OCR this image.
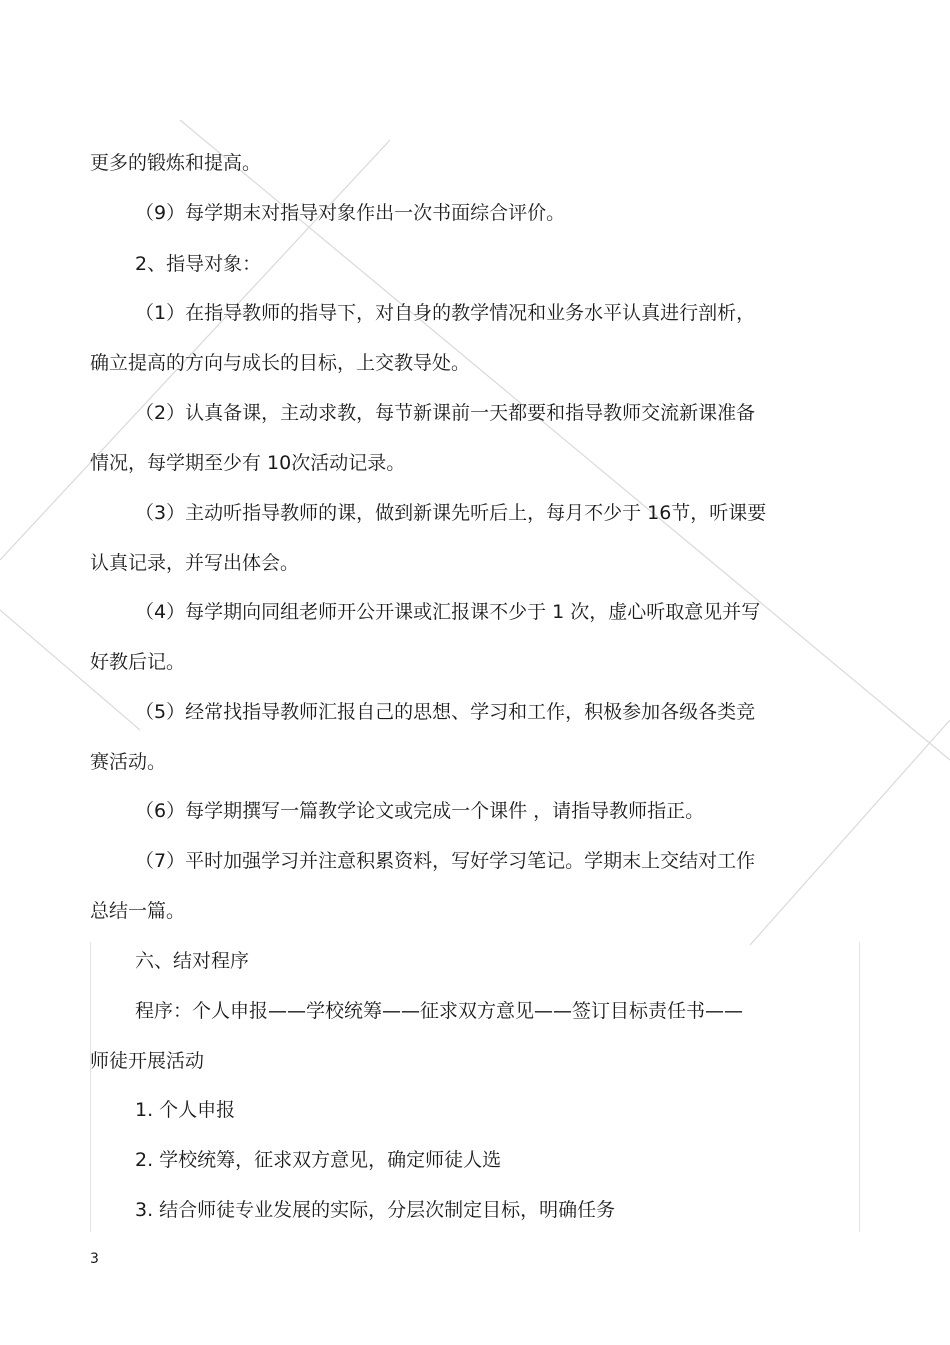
更多的锻炼和提高。
（9）每学期末对指导对象作出一次书面综合评价。
2、指导对象：
（1）在指导教师的指导下，对自身的教学情况和业务水平认真进行剖析，
确立提高的方向与成长的目标，上交教导处。
（2）认真备课，主动求教，每节新课前一天都要和指导教师交流新课准备
情况，每学期至少有 10次活动记录。
（3）主动听指导教师的课，做到新课先听后上，每月不少于 16节，听课要
认真记录，并写出体会。
（4）每学期向同组老师开公开课或汇报课不少于 1 次，虚心听取意见并写
好教后记。
（5）经常找指导教师汇报自己的思想、学习和工作，积极参加各级各类竞
赛活动。
（6）每学期撰写一篇教学论文或完成一个课件 ，请指导教师指正。
（7）平时加强学习并注意积累资料，写好学习笔记。学期末上交结对工作
总结一篇。
六、结对程序
程序：个人申报——学校统筹——征求双方意见——签订目标责任书——
师徒开展活动
1. 个人申报
2. 学校统筹，征求双方意见，确定师徒人选
3. 结合师徒专业发展的实际，分层次制定目标，明确任务
3
